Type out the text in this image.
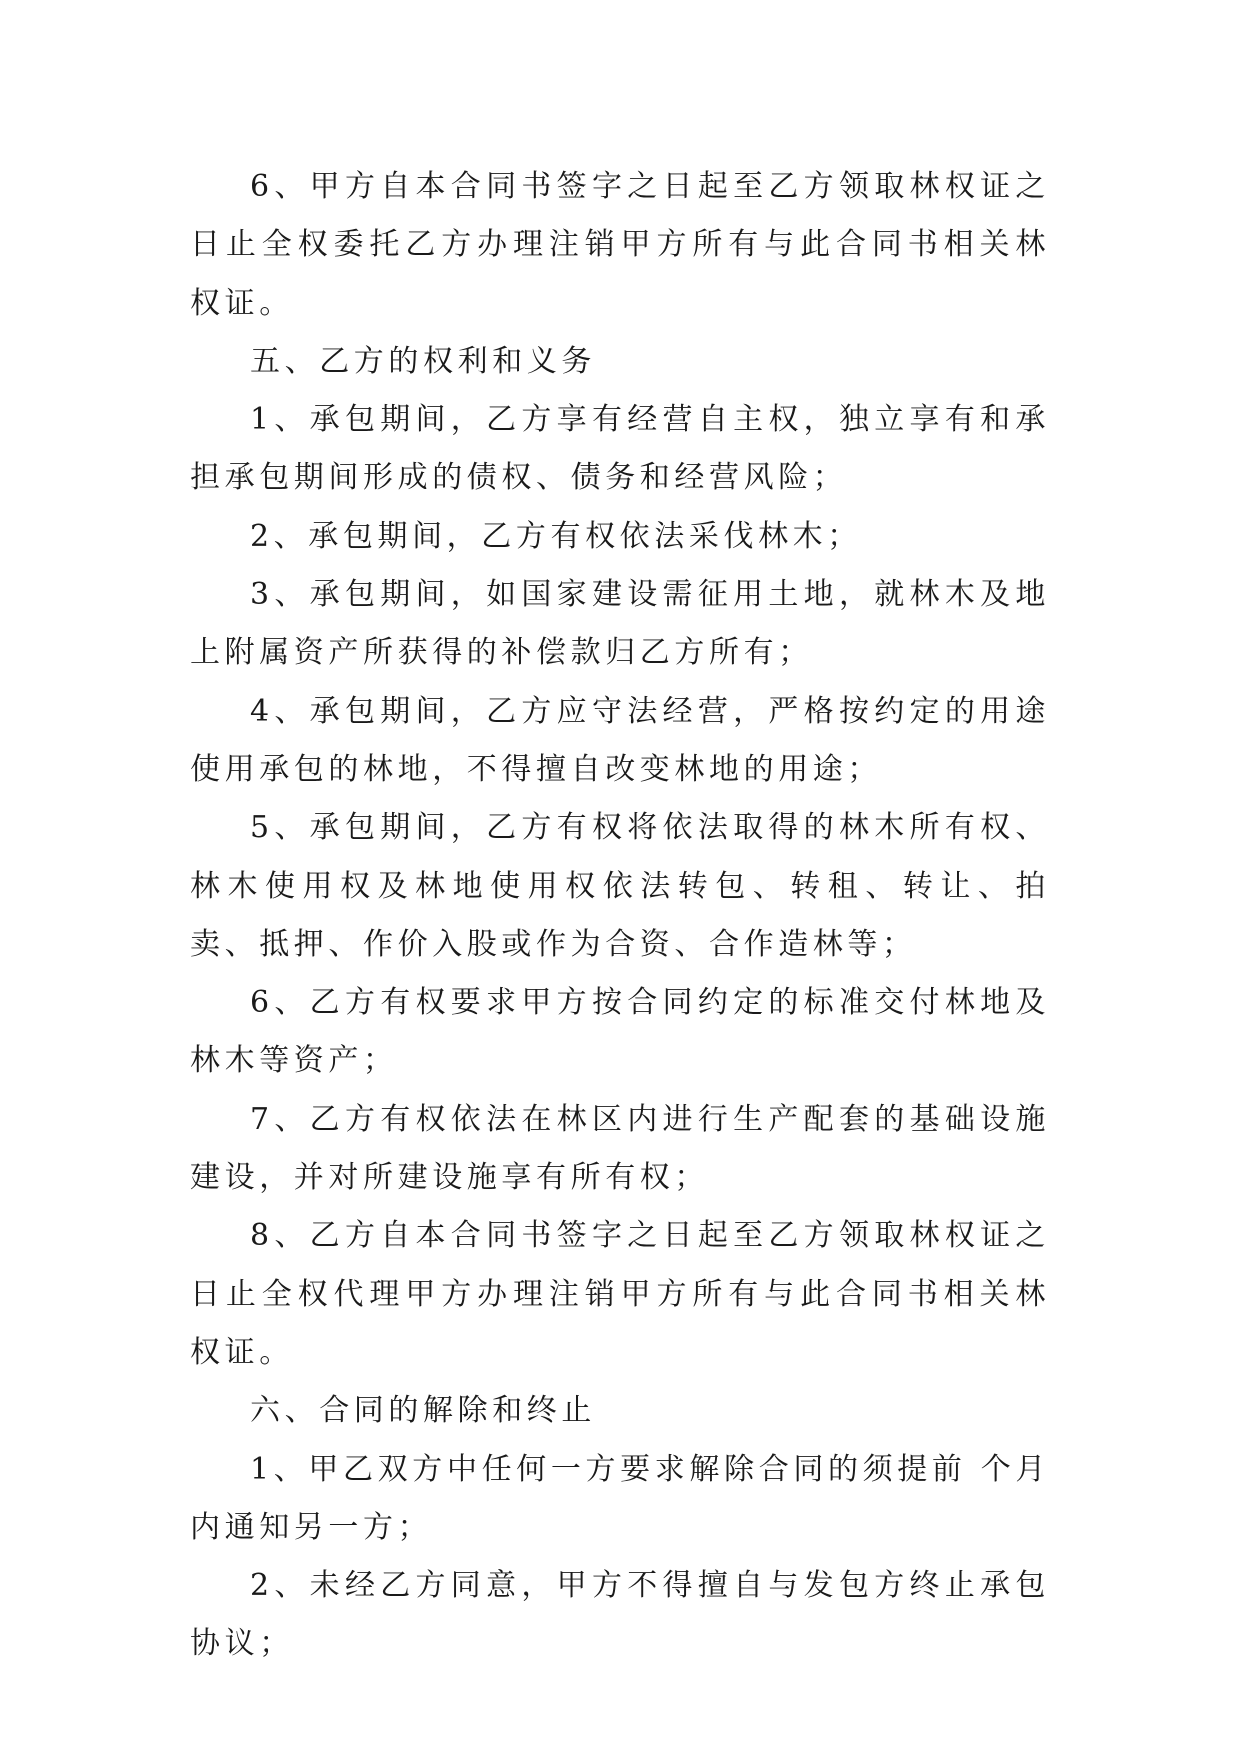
6、甲方自本合同书签字之日起至乙方领取林权证之日止全权委托乙方办理注销甲方所有与此合同书相关林权证。

五、乙方的权利和义务

1、承包期间，乙方享有经营自主权，独立享有和承担承包期间形成的债权、债务和经营风险；

2、承包期间，乙方有权依法采伐林木；

3、承包期间，如国家建设需征用土地，就林木及地上附属资产所获得的补偿款归乙方所有；

4、承包期间，乙方应守法经营，严格按约定的用途使用承包的林地，不得擅自改变林地的用途；

5、承包期间，乙方有权将依法取得的林木所有权、林木使用权及林地使用权依法转包、转租、转让、拍卖、抵押、作价入股或作为合资、合作造林等；

6、乙方有权要求甲方按合同约定的标准交付林地及林木等资产；

7、乙方有权依法在林区内进行生产配套的基础设施建设，并对所建设施享有所有权；

8、乙方自本合同书签字之日起至乙方领取林权证之日止全权代理甲方办理注销甲方所有与此合同书相关林权证。

六、合同的解除和终止

1、甲乙双方中任何一方要求解除合同的须提前 个月内通知另一方；

2、未经乙方同意，甲方不得擅自与发包方终止承包协议；
